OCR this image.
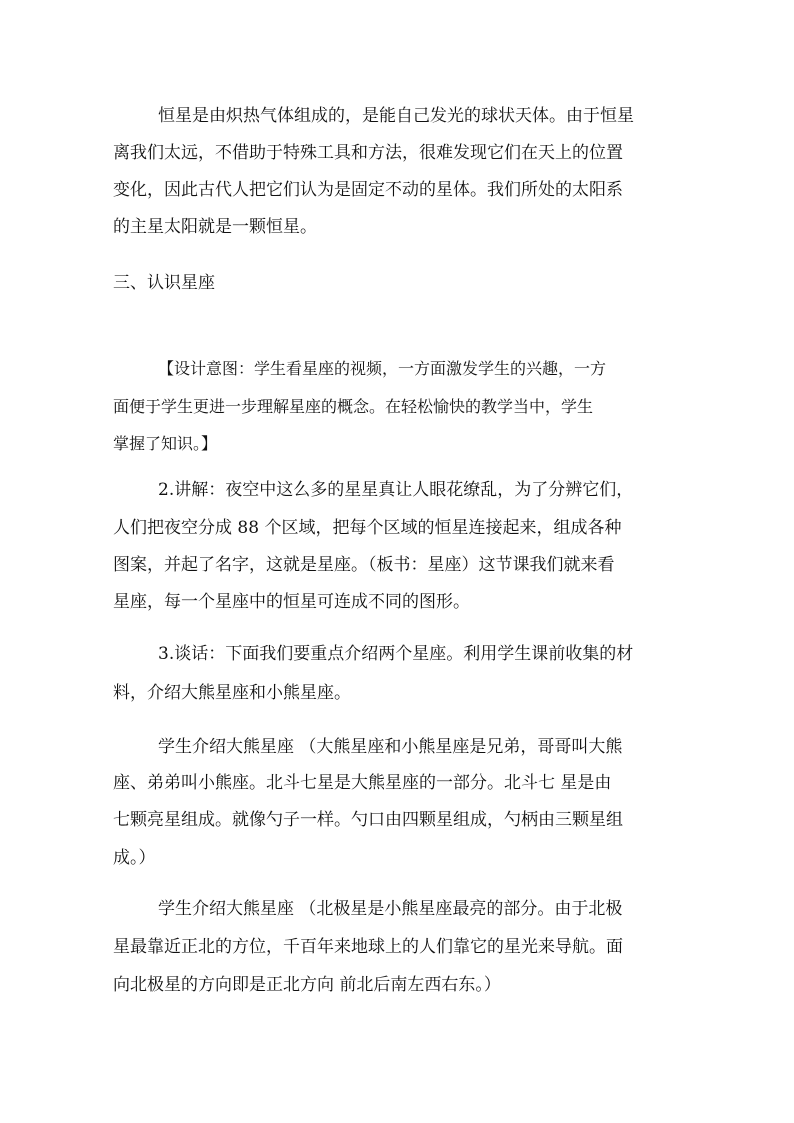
恒星是由炽热气体组成的，是能自己发光的球状天体。由于恒星
离我们太远，不借助于特殊工具和方法，很难发现它们在天上的位置
变化，因此古代人把它们认为是固定不动的星体。我们所处的太阳系
的主星太阳就是一颗恒星。
三、认识星座
【设计意图：学生看星座的视频，一方面激发学生的兴趣，一方
面便于学生更进一步理解星座的概念。在轻松愉快的教学当中，学生
掌握了知识。】
2.讲解：夜空中这么多的星星真让人眼花缭乱，为了分辨它们，
人们把夜空分成 88 个区域，把每个区域的恒星连接起来，组成各种
图案，并起了名字，这就是星座。（板书：星座）这节课我们就来看
星座，每一个星座中的恒星可连成不同的图形。
3.谈话：下面我们要重点介绍两个星座。利用学生课前收集的材
料，介绍大熊星座和小熊星座。
学生介绍大熊星座 （大熊星座和小熊星座是兄弟，哥哥叫大熊
座、弟弟叫小熊座。北斗七星是大熊星座的一部分。北斗七 星是由
七颗亮星组成。就像勺子一样。勺口由四颗星组成，勺柄由三颗星组
成。）
学生介绍大熊星座 （北极星是小熊星座最亮的部分。由于北极
星最靠近正北的方位，千百年来地球上的人们靠它的星光来导航。面
向北极星的方向即是正北方向 前北后南左西右东。）
